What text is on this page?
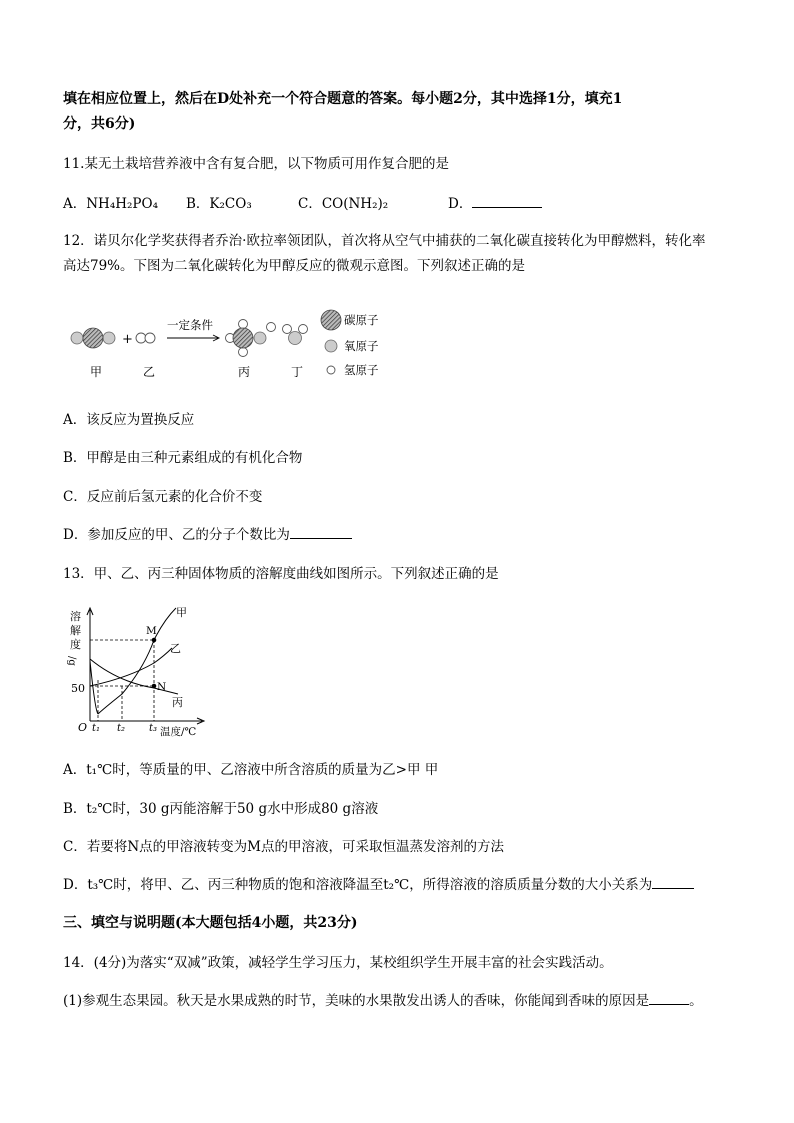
填在相应位置上，然后在D处补充一个符合题意的答案。每小题2分，其中选择1分，填充1
分，共6分)
11.某无土栽培营养液中含有复合肥，以下物质可用作复合肥的是
A．NH₄H₂PO₄ B．K₂CO₃	C．CO(NH₂)₂	D．
12．诺贝尔化学奖获得者乔治·欧拉率领团队，首次将从空气中捕获的二氧化碳直接转化为甲醇燃料，转化率
高达79%。下图为二氧化碳转化为甲醇反应的微观示意图。下列叙述正确的是
+
一定条件
甲	乙	丙	丁
碳原子
氧原子
氢原子
A．该反应为置换反应
B．甲醇是由三种元素组成的有机化合物
C．反应前后氢元素的化合价不变
D．参加反应的甲、乙的分子个数比为
13．甲、乙、丙三种固体物质的溶解度曲线如图所示。下列叙述正确的是
溶
解
度
/g
O
50
M
N
甲
乙
丙
t₁ t₂ t₃ 温度/℃
A．t₁℃时，等质量的甲、乙溶液中所含溶质的质量为乙>甲 甲
B．t₂℃时，30 g丙能溶解于50 g水中形成80 g溶液
C．若要将N点的甲溶液转变为M点的甲溶液，可采取恒温蒸发溶剂的方法
D．t₃℃时，将甲、乙、丙三种物质的饱和溶液降温至t₂℃，所得溶液的溶质质量分数的大小关系为
三、填空与说明题(本大题包括4小题，共23分)
14．(4分)为落实“双减”政策，减轻学生学习压力，某校组织学生开展丰富的社会实践活动。
(1)参观生态果园。秋天是水果成熟的时节，美味的水果散发出诱人的香味，你能闻到香味的原因是	。
